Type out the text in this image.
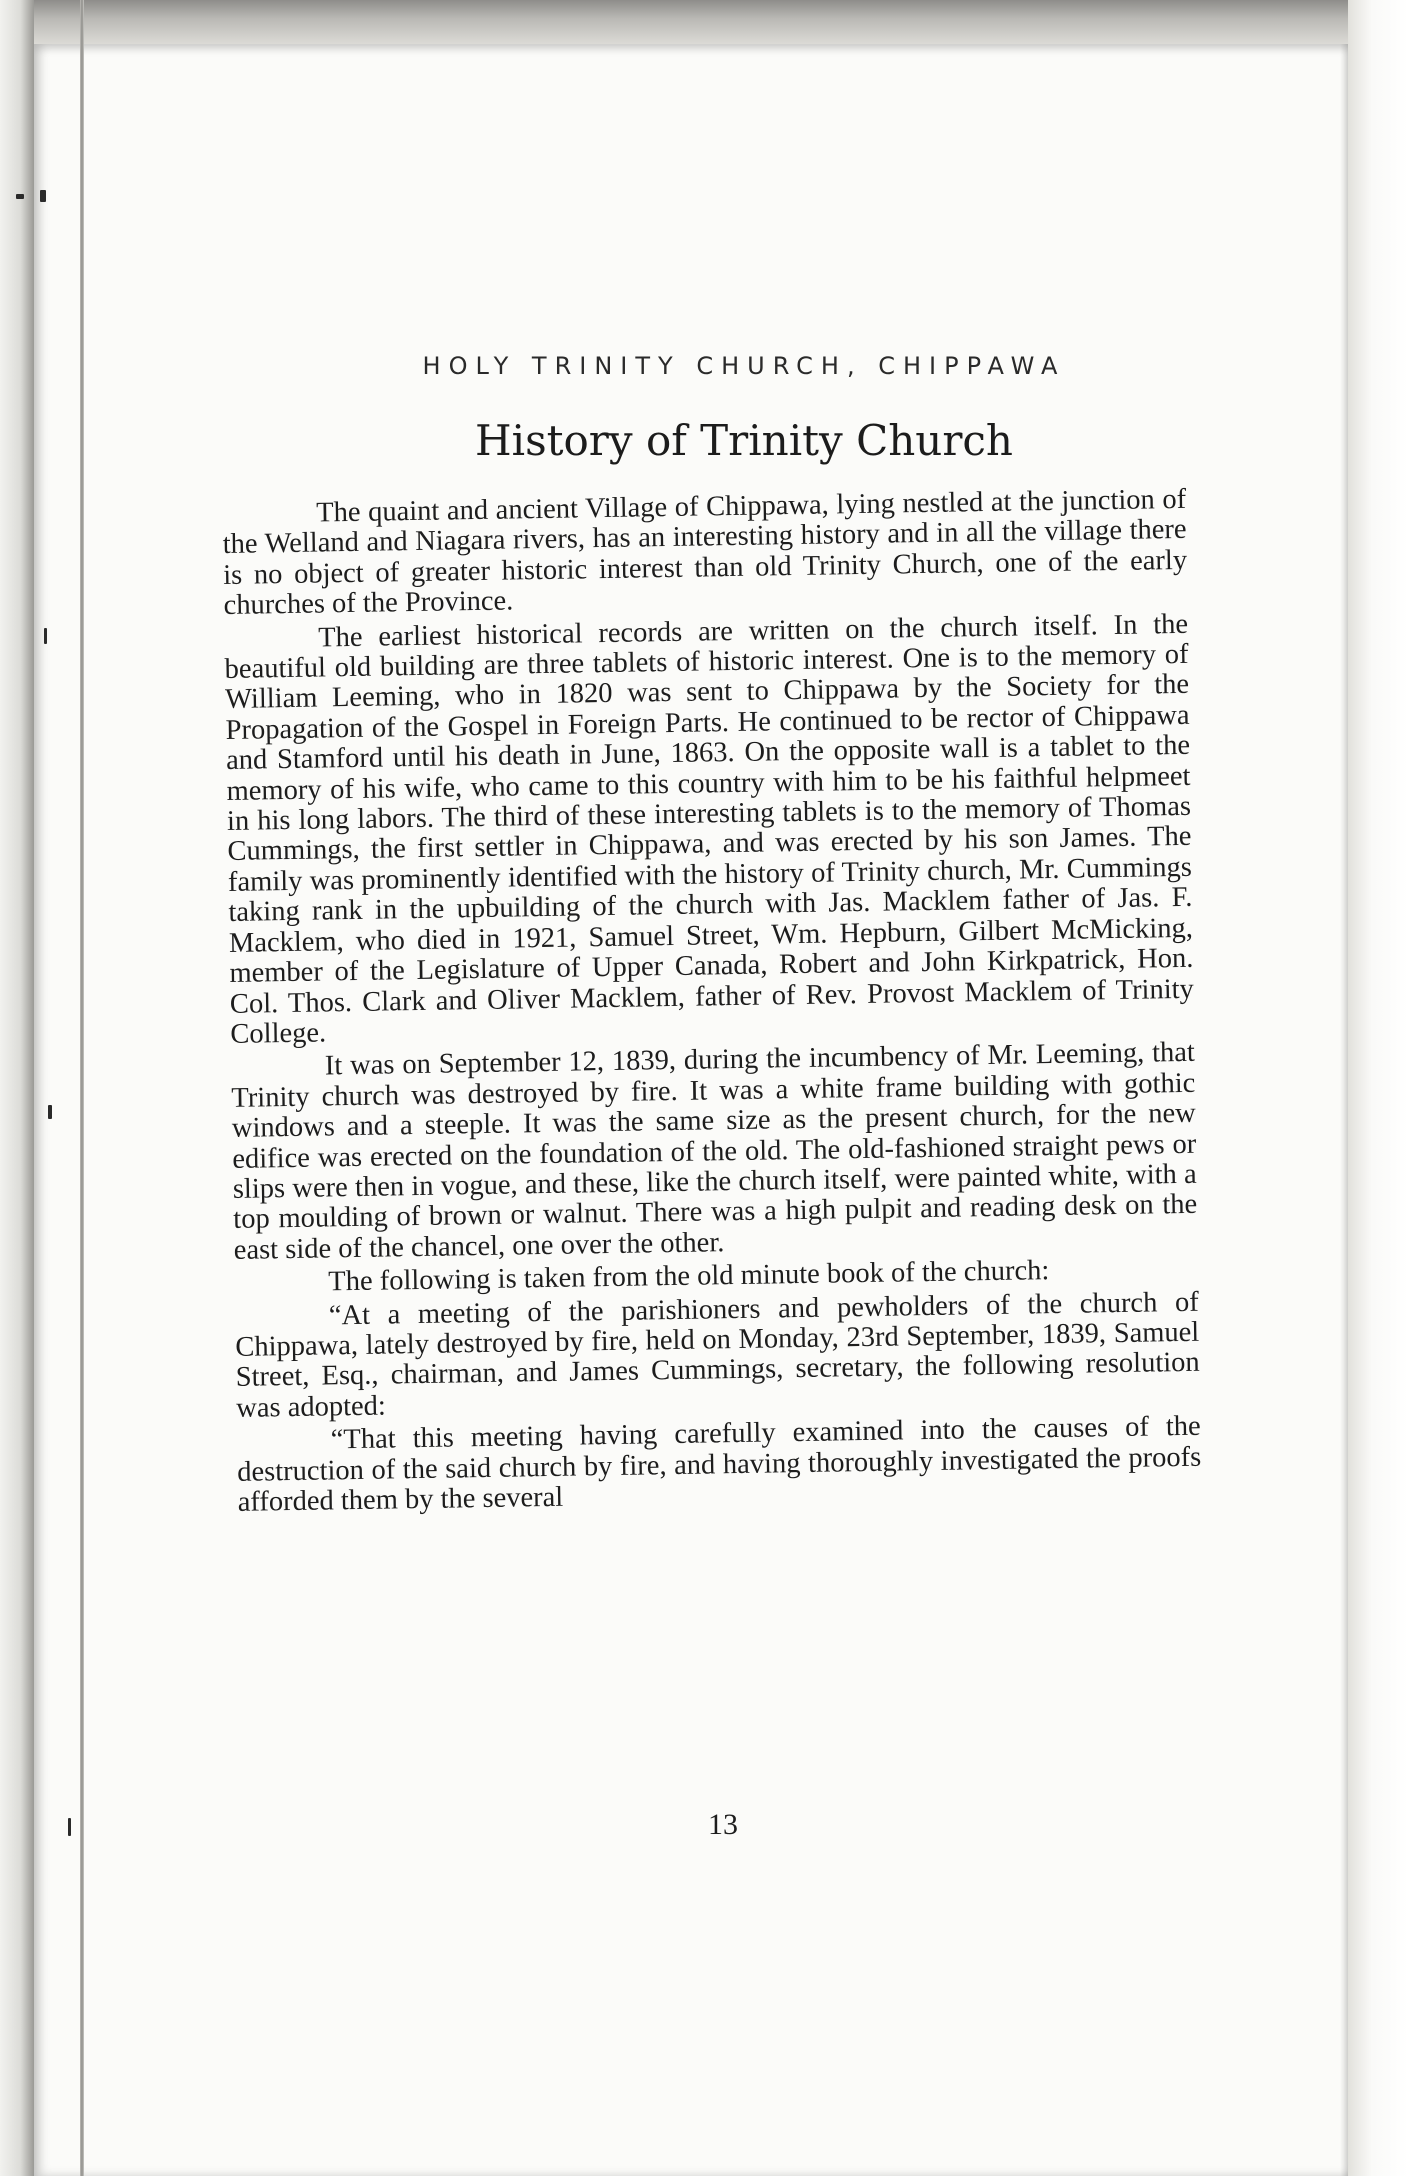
HOLY TRINITY CHURCH, CHIPPAWA
History of Trinity Church

The quaint and ancient Village of Chippawa, lying nestled at the junction of the Welland and Niagara rivers, has an interesting history and in all the village there is no object of greater historic interest than old Trinity Church, one of the early churches of the Province.

The earliest historical records are written on the church itself. In the beautiful old building are three tablets of historic interest. One is to the memory of William Leeming, who in 1820 was sent to Chippawa by the Society for the Propagation of the Gospel in Foreign Parts. He continued to be rector of Chippawa and Stamford until his death in June, 1863. On the opposite wall is a tablet to the memory of his wife, who came to this country with him to be his faithful helpmeet in his long labors. The third of these interesting tablets is to the memory of Thomas Cummings, the first settler in Chippawa, and was erected by his son James. The family was prominently identified with the history of Trinity church, Mr. Cummings taking rank in the upbuilding of the church with Jas. Macklem father of Jas. F. Macklem, who died in 1921, Samuel Street, Wm. Hepburn, Gilbert McMicking, member of the Legislature of Upper Canada, Robert and John Kirkpatrick, Hon. Col. Thos. Clark and Oliver Macklem, father of Rev. Provost Macklem of Trinity College.

It was on September 12, 1839, during the incumbency of Mr. Leeming, that Trinity church was destroyed by fire. It was a white frame building with gothic windows and a steeple. It was the same size as the present church, for the new edifice was erected on the foundation of the old. The old-fashioned straight pews or slips were then in vogue, and these, like the church itself, were painted white, with a top moulding of brown or walnut. There was a high pulpit and reading desk on the east side of the chancel, one over the other.

The following is taken from the old minute book of the church:

“At a meeting of the parishioners and pewholders of the church of Chippawa, lately destroyed by fire, held on Monday, 23rd September, 1839, Samuel Street, Esq., chairman, and James Cummings, secretary, the following resolution was adopted:

“That this meeting having carefully examined into the causes of the destruction of the said church by fire, and having thoroughly investigated the proofs afforded them by the several

13
